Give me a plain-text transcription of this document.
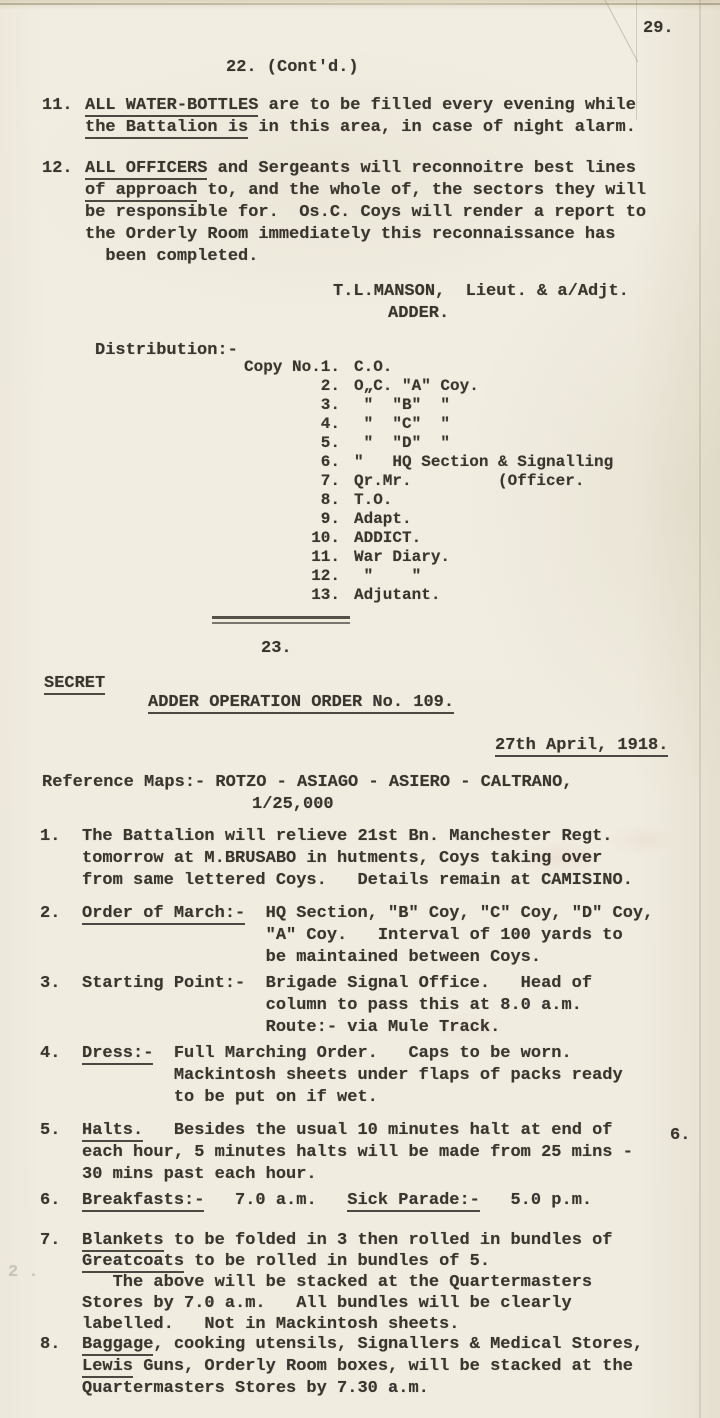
29.
22. (Cont'd.)
11. ALL WATER-BOTTLES are to be filled every evening while
the Battalion is in this area, in case of night alarm.
12. ALL OFFICERS and Sergeants will reconnoitre best lines
of approach to, and the whole of, the sectors they will
be responsible for.  Os.C. Coys will render a report to
the Orderly Room immediately this reconnaissance has
been completed.
T.L.MANSON,  Lieut. & a/Adjt.
ADDER.
Distribution:-
Copy No.1.
2.
3.
4.
5.
6.
7.
8.
9.
10.
11.
12.
13.
C.O.
O„C. "A" Coy.
"  "B"  "
"  "C"  "
"  "D"  "
"   HQ Section & Signalling
Qr.Mr.         (Officer.
T.O.
Adapt.
ADDICT.
War Diary.
"    "
Adjutant.
23.
SECRET
ADDER OPERATION ORDER No. 109.
27th April, 1918.
Reference Maps:- ROTZO - ASIAGO - ASIERO - CALTRANO,
1/25,000
1. The Battalion will relieve 21st Bn. Manchester Regt.
tomorrow at M.BRUSABO in hutments, Coys taking over
from same lettered Coys.   Details remain at CAMISINO.
2. Order of March:-  HQ Section, "B" Coy, "C" Coy, "D" Coy,
"A" Coy.   Interval of 100 yards to
be maintained between Coys.
3. Starting Point:-  Brigade Signal Office.   Head of
column to pass this at 8.0 a.m.
Route:- via Mule Track.
4. Dress:-  Full Marching Order.   Caps to be worn.
Mackintosh sheets under flaps of packs ready
to be put on if wet.
5. Halts.   Besides the usual 10 minutes halt at end of
each hour, 5 minutes halts will be made from 25 mins -
30 mins past each hour.
6.
6. Breakfasts:-   7.0 a.m.   Sick Parade:-   5.0 p.m.
7. Blankets to be folded in 3 then rolled in bundles of
Greatcoats to be rolled in bundles of 5.
The above will be stacked at the Quartermasters
Stores by 7.0 a.m.   All bundles will be clearly
labelled.   Not in Mackintosh sheets.
2 .
8. Baggage, cooking utensils, Signallers & Medical Stores,
Lewis Guns, Orderly Room boxes, will be stacked at the
Quartermasters Stores by 7.30 a.m.
